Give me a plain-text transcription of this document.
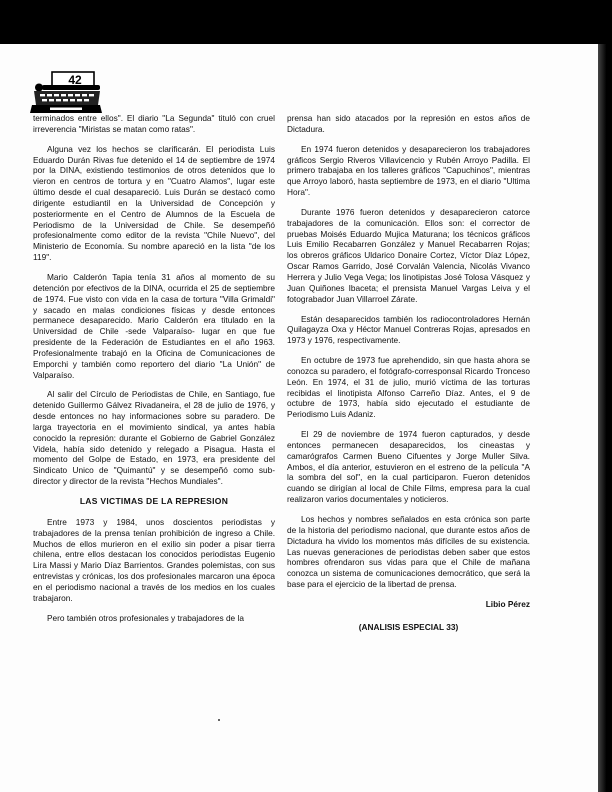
42

terminados entre ellos". El diario "La Segunda" tituló con cruel irreverencia "Miristas se matan como ratas".

Alguna vez los hechos se clarificarán. El periodista Luis Eduardo Durán Rivas fue detenido el 14 de septiembre de 1974 por la DINA, existiendo testimonios de otros detenidos que lo vieron en centros de tortura y en "Cuatro Alamos", lugar este último desde el cual desapareció. Luis Durán se destacó como dirigente estudiantil en la Universidad de Concepción y posteriormente en el Centro de Alumnos de la Escuela de Periodismo de la Universidad de Chile. Se desempeñó profesionalmente como editor de la revista "Chile Nuevo", del Ministerio de Economía. Su nombre apareció en la lista "de los 119".

Mario Calderón Tapia tenía 31 años al momento de su detención por efectivos de la DINA, ocurrida el 25 de septiembre de 1974. Fue visto con vida en la casa de tortura "Villa Grimaldi" y sacado en malas condiciones físicas y desde entonces permanece desaparecido. Mario Calderón era titulado en la Universidad de Chile -sede Valparaíso- lugar en que fue presidente de la Federación de Estudiantes en el año 1963. Profesionalmente trabajó en la Oficina de Comunicaciones de Emporchi y también como reportero del diario "La Unión" de Valparaíso.

Al salir del Círculo de Periodistas de Chile, en Santiago, fue detenido Guillermo Gálvez Rivadaneira, el 28 de julio de 1976, y desde entonces no hay informaciones sobre su paradero. De larga trayectoria en el movimiento sindical, ya antes había conocido la represión: durante el Gobierno de Gabriel González Videla, había sido detenido y relegado a Pisagua. Hasta el momento del Golpe de Estado, en 1973, era presidente del Sindicato Unico de "Quimantú" y se desempeñó como sub-director y director de la revista "Hechos Mundiales".

LAS VICTIMAS DE LA REPRESION

Entre 1973 y 1984, unos doscientos periodistas y trabajadores de la prensa tenían prohibición de ingreso a Chile. Muchos de ellos murieron en el exilio sin poder a pisar tierra chilena, entre ellos destacan los conocidos periodistas Eugenio Lira Massi y Mario Díaz Barrientos. Grandes polemistas, con sus entrevistas y crónicas, los dos profesionales marcaron una época en el periodismo nacional a través de los medios en los cuales trabajaron.

Pero también otros profesionales y trabajadores de la

prensa han sido atacados por la represión en estos años de Dictadura.

En 1974 fueron detenidos y desaparecieron los trabajadores gráficos Sergio Riveros Villavicencio y Rubén Arroyo Padilla. El primero trabajaba en los talleres gráficos "Capuchinos", mientras que Arroyo laboró, hasta septiembre de 1973, en el diario "Ultima Hora".

Durante 1976 fueron detenidos y desaparecieron catorce trabajadores de la comunicación. Ellos son: el corrector de pruebas Moisés Eduardo Mujica Maturana; los técnicos gráficos Luis Emilio Recabarren González y Manuel Recabarren Rojas; los obreros gráficos Uldarico Donaire Cortez, Víctor Díaz López, Oscar Ramos Garrido, José Corvalán Valencia, Nicolás Vivanco Herrera y Julio Vega Vega; los linotipistas José Tolosa Vásquez y Juan Quiñones Ibaceta; el prensista Manuel Vargas Leiva y el fotograbador Juan Villarroel Zárate.

Están desaparecidos también los radiocontroladores Hernán Quilagayza Oxa y Héctor Manuel Contreras Rojas, apresados en 1973 y 1976, respectivamente.

En octubre de 1973 fue aprehendido, sin que hasta ahora se conozca su paradero, el fotógrafo-corresponsal Ricardo Tronceso León. En 1974, el 31 de julio, murió víctima de las torturas recibidas el linotipista Alfonso Carreño Díaz. Antes, el 9 de octubre de 1973, había sido ejecutado el estudiante de Periodismo Luis Adaniz.

El 29 de noviembre de 1974 fueron capturados, y desde entonces permanecen desaparecidos, los cineastas y camarógrafos Carmen Bueno Cifuentes y Jorge Muller Silva. Ambos, el día anterior, estuvieron en el estreno de la película "A la sombra del sol", en la cual participaron. Fueron detenidos cuando se dirigían al local de Chile Films, empresa para la cual realizaron varios documentales y noticieros.

Los hechos y nombres señalados en esta crónica son parte de la historia del periodismo nacional, que durante estos años de Dictadura ha vivido los momentos más difíciles de su existencia. Las nuevas generaciones de periodistas deben saber que estos hombres ofrendaron sus vidas para que el Chile de mañana conozca un sistema de comunicaciones democrático, que será la base para el ejercicio de la libertad de prensa.

Libio Pérez

(ANALISIS ESPECIAL 33)
